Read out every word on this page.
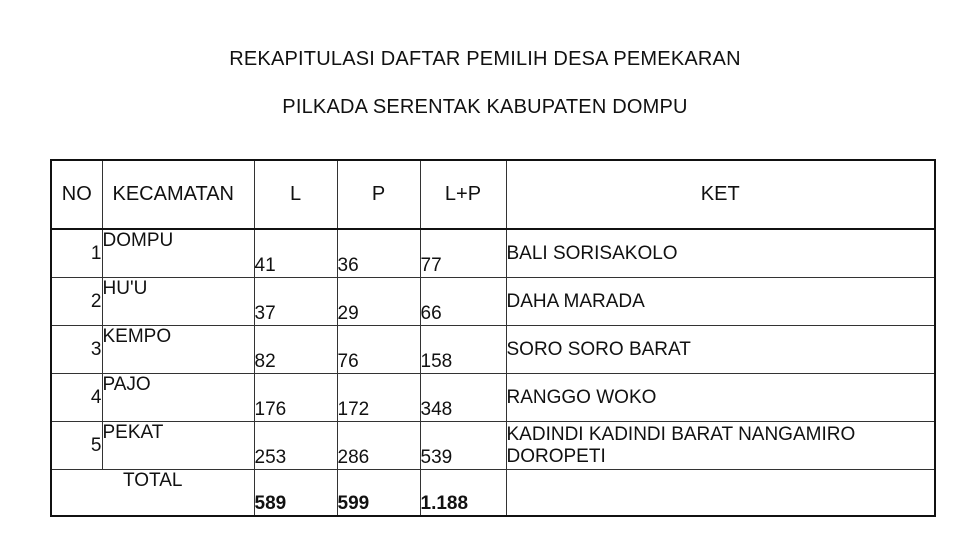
REKAPITULASI DAFTAR PEMILIH DESA PEMEKARAN
PILKADA SERENTAK KABUPATEN DOMPU
NO	KECAMATAN	L	P	L+P	KET
1	DOMPU	41	36	77	BALI SORISAKOLO
2	HU'U	37	29	66	DAHA MARADA
3	KEMPO	82	76	158	SORO SORO BARAT
4	PAJO	176	172	348	RANGGO WOKO
5	PEKAT	253	286	539	KADINDI KADINDI BARAT NANGAMIRO DOROPETI
TOTAL		589	599	1.188	
